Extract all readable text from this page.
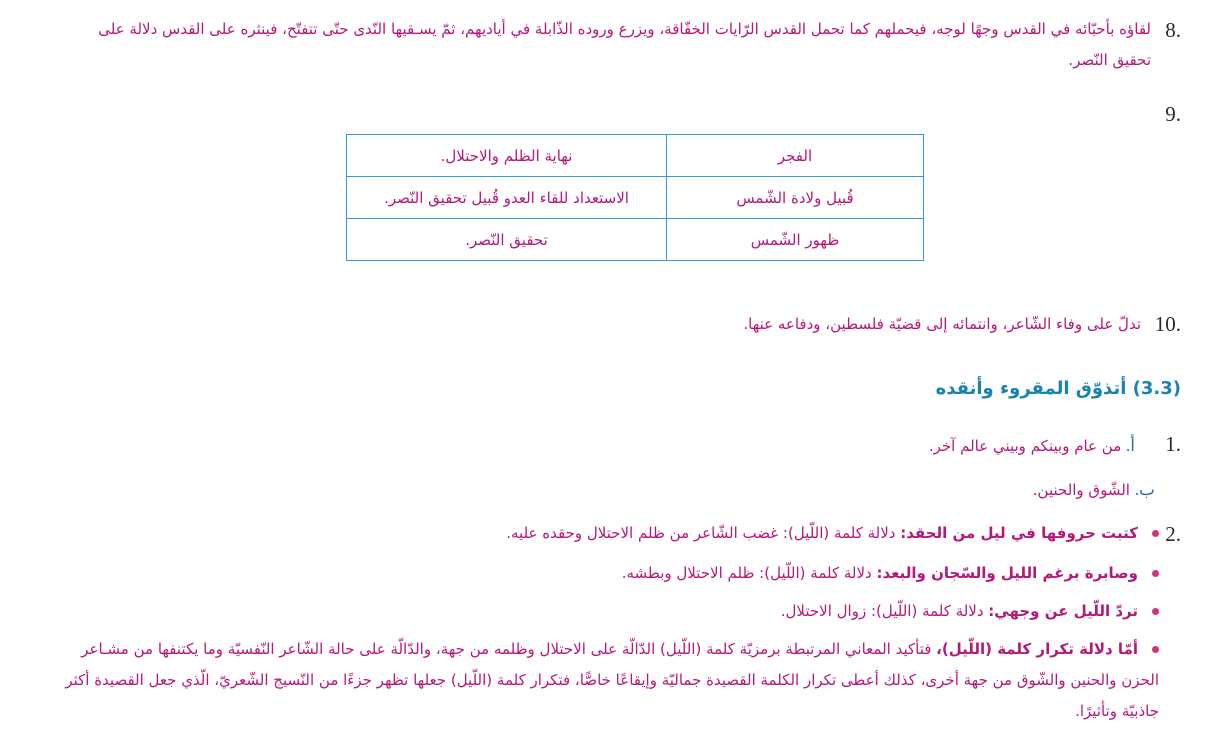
8.
لقاؤه بأحبّائه في القدس وجهًا لوجه، فيحملهم كما تحمل القدس الرّايات الخفّاقة، ويزرع وروده الذّابلة في أياديهم، ثمّ يسـقيها النّدى حتّى تتفتّح، فينثره على القدس دلالة على تحقيق النّصر.
9.
الفجر	نهاية الظلم والاحتلال.
قُبيل ولادة الشّمس	الاستعداد للقاء العدو قُبيل تحقيق النّصر.
ظهور الشّمس	تحقيق النّصر.
10.
تدلّ على وفاء الشّاعر، وانتمائه إلى قضيّة فلسطين، ودفاعه عنها.
(3.3) أتذوّق المقروء وأنقده
1.
أ. من عام وبينكم وبيني عالم آخر.
ب. الشّوق والحنين.
2.
كتبت حروفها في ليل من الحقد: دلالة كلمة (اللّيل): غضب الشّاعر من ظلم الاحتلال وحقده عليه.
وصابرة برغم الليل والسّجان والبعد: دلالة كلمة (اللّيل): ظلم الاحتلال وبطشه.
تردّ اللّيل عن وجهي: دلالة كلمة (اللّيل): زوال الاحتلال.
أمّا دلالة تكرار كلمة (اللّيل)، فتأكيد المعاني المرتبطة برمزيّة كلمة (اللّيل) الدّالّة على الاحتلال وظلمه من جهة، والدّالّة على حالة الشّاعر النّفسيّة وما يكتنفها من مشـاعر الحزن والحنين والشّوق من جهة أخرى، كذلك أعطى تكرار الكلمة القصيدة جماليّة وإيقاعًا خاصًّا، فتكرار كلمة (اللّيل) جعلها تظهر جزءًا من النّسيج الشّعريّ، الّذي جعل القصيدة أكثر جاذبيّة وتأثيرًا.
